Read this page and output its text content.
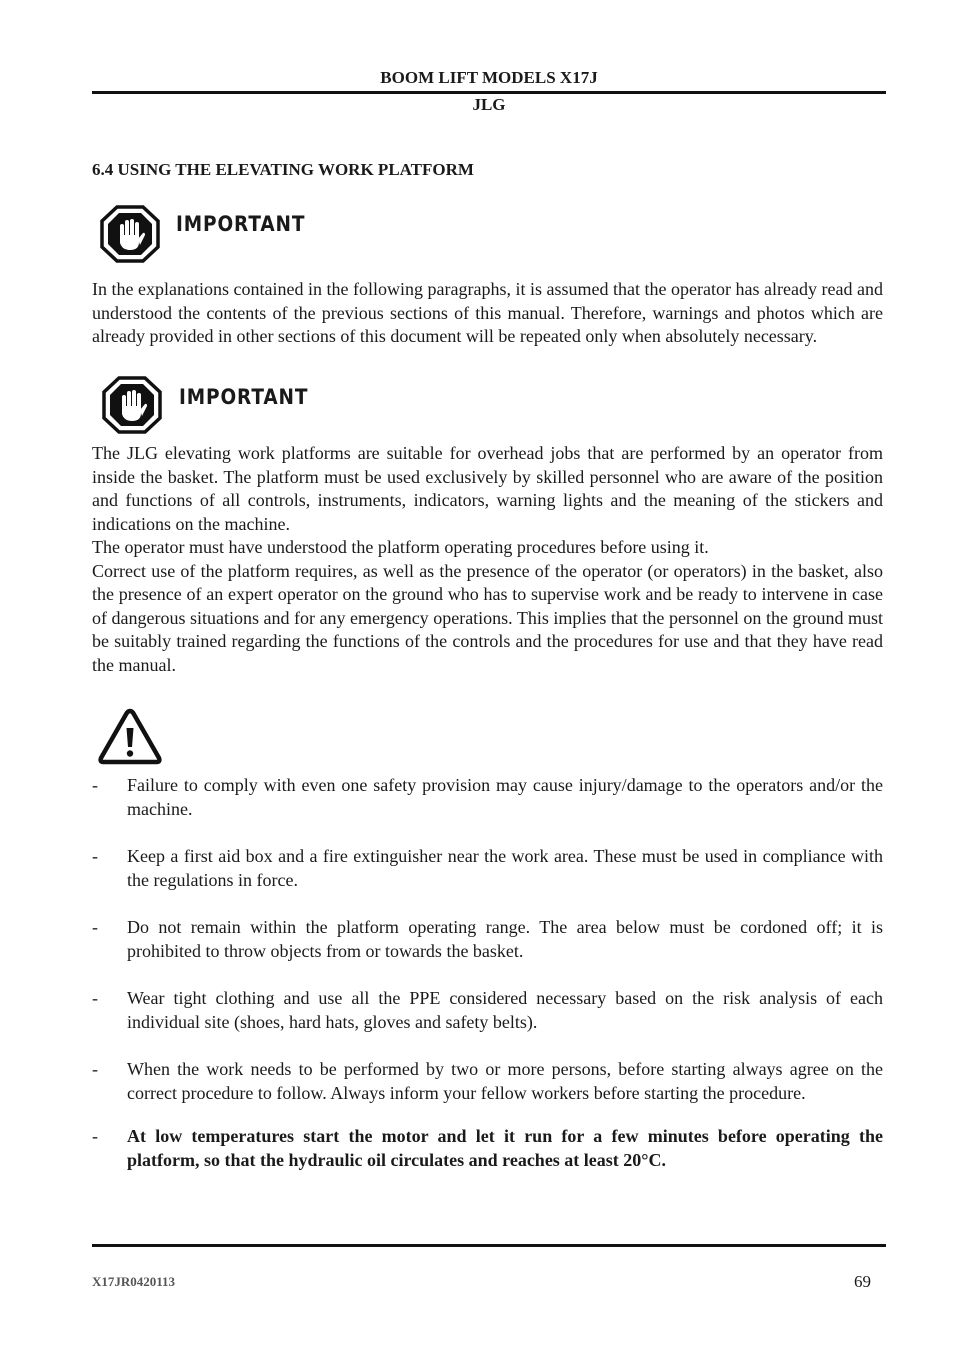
BOOM LIFT MODELS X17J
JLG
6.4 USING THE ELEVATING WORK PLATFORM
IMPORTANT

In the explanations contained in the following paragraphs, it is assumed that the operator has already read and understood the contents of the previous sections of this manual. Therefore, warnings and photos which are already provided in other sections of this document will be repeated only when absolutely necessary.

IMPORTANT

The JLG elevating work platforms are suitable for overhead jobs that are performed by an operator from inside the basket. The platform must be used exclusively by skilled personnel who are aware of the position and functions of all controls, instruments, indicators, warning lights and the meaning of the stickers and indications on the machine.

The operator must have understood the platform operating procedures before using it.

Correct use of the platform requires, as well as the presence of the operator (or operators) in the basket, also the presence of an expert operator on the ground who has to supervise work and be ready to intervene in case of dangerous situations and for any emergency operations. This implies that the personnel on the ground must be suitably trained regarding the functions of the controls and the procedures for use and that they have read the manual.

- Failure to comply with even one safety provision may cause injury/damage to the operators and/or the machine.
- Keep a first aid box and a fire extinguisher near the work area. These must be used in compliance with the regulations in force.
- Do not remain within the platform operating range. The area below must be cordoned off; it is prohibited to throw objects from or towards the basket.
- Wear tight clothing and use all the PPE considered necessary based on the risk analysis of each individual site (shoes, hard hats, gloves and safety belts).
- When the work needs to be performed by two or more persons, before starting always agree on the correct procedure to follow. Always inform your fellow workers before starting the procedure.
- At low temperatures start the motor and let it run for a few minutes before operating the platform, so that the hydraulic oil circulates and reaches at least 20°C.
X17JR0420113	69
